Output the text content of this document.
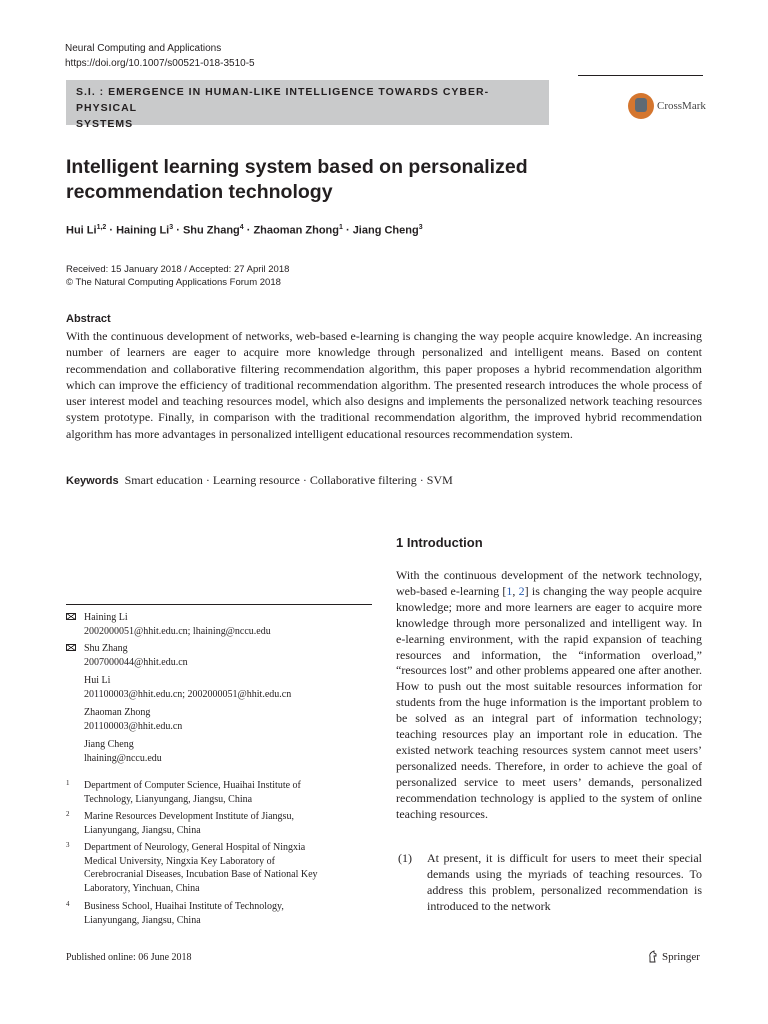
Neural Computing and Applications
https://doi.org/10.1007/s00521-018-3510-5
S.I. : EMERGENCE IN HUMAN-LIKE INTELLIGENCE TOWARDS CYBER-PHYSICAL
SYSTEMS
CrossMark
Intelligent learning system based on personalized recommendation technology
Hui Li$^{1,2}$ · Haining $Li^3$ · Shu Zhang$^4$ · Zhaoman Zhong$^1$ · Jiang Cheng$^3$
Received: 15 January 2018 / Accepted: 27 April 2018
© The Natural Computing Applications Forum 2018
Abstract
With the continuous development of networks, web-based e-learning is changing the way people acquire knowledge. An increasing number of learners are eager to acquire more knowledge through personalized and intelligent means. Based on content recommendation and collaborative filtering recommendation algorithm, this paper proposes a hybrid recommendation algorithm which can improve the efficiency of traditional recommendation algorithm. The presented research introduces the whole process of user interest model and teaching resources model, which also designs and implements the personalized network teaching resources system prototype. Finally, in comparison with the traditional recommendation algorithm, the improved hybrid recommendation algorithm has more advantages in personalized intelligent educational resources recommendation system.
Keywords Smart education · Learning resource · Collaborative filtering · SVM
1 Introduction
With the continuous development of the network technology, web-based e-learning [1, 2] is changing the way people acquire knowledge; more and more learners are eager to acquire more knowledge through more personalized and intelligent way. In e-learning environment, with the rapid expansion of teaching resources and information, the “information overload,” “resources lost” and other problems appeared one after another. How to push out the most suitable resources information for students from the huge information is the important problem to be solved as an integral part of information technology; teaching resources play an important role in education. The existed network teaching resources system cannot meet users’ personalized needs. Therefore, in order to achieve the goal of personalized service to meet users’ demands, personalized recommendation technology is applied to the system of online teaching resources.
(1) At present, it is difficult for users to meet their special demands using the myriads of teaching resources. To address this problem, personalized recommendation is introduced to the network
Haining Li
2002000051@hhit.edu.cn; lhaining@nccu.edu
Shu Zhang
2007000044@hhit.edu.cn
Hui Li
201100003@hhit.edu.cn; 2002000051@hhit.edu.cn
Zhaoman Zhong
201100003@hhit.edu.cn
Jiang Cheng
lhaining@nccu.edu
1 Department of Computer Science, Huaihai Institute of
Technology, Lianyungang, Jiangsu, China
2 Marine Resources Development Institute of Jiangsu,
Lianyungang, Jiangsu, China
3 Department of Neurology, General Hospital of Ningxia
Medical University, Ningxia Key Laboratory of
Cerebrocranial Diseases, Incubation Base of National Key
Laboratory, Yinchuan, China
4 Business School, Huaihai Institute of Technology,
Lianyungang, Jiangsu, China
Published online: 06 June 2018	Springer
